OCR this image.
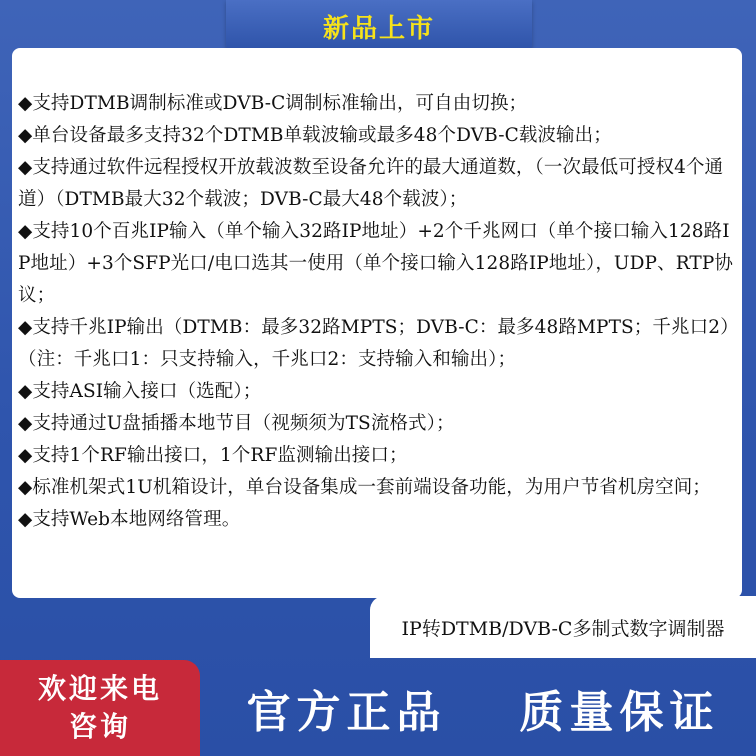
新品上市
◆支持DTMB调制标准或DVB-C调制标准输出，可自由切换；
◆单台设备最多支持32个DTMB单载波输或最多48个DVB-C载波输出；
◆支持通过软件远程授权开放载波数至设备允许的最大通道数，（一次最低可授权4个通道）（DTMB最大32个载波；DVB-C最大48个载波）；
◆支持10个百兆IP输入（单个输入32路IP地址）+2个千兆网口（单个接口输入128路IP地址）+3个SFP光口/电口选其一使用（单个接口输入128路IP地址），UDP、RTP协议；
◆支持千兆IP输出（DTMB：最多32路MPTS；DVB-C：最多48路MPTS；千兆口2）（注：千兆口1：只支持输入，千兆口2：支持输入和输出）；
◆支持ASI输入接口（选配）；
◆支持通过U盘插播本地节目（视频须为TS流格式）；
◆支持1个RF输出接口，1个RF监测输出接口；
◆标准机架式1U机箱设计，单台设备集成一套前端设备功能，为用户节省机房空间；
◆支持Web本地网络管理。
IP转DTMB/DVB-C多制式数字调制器
欢迎来电
咨询	官方正品 质量保证
